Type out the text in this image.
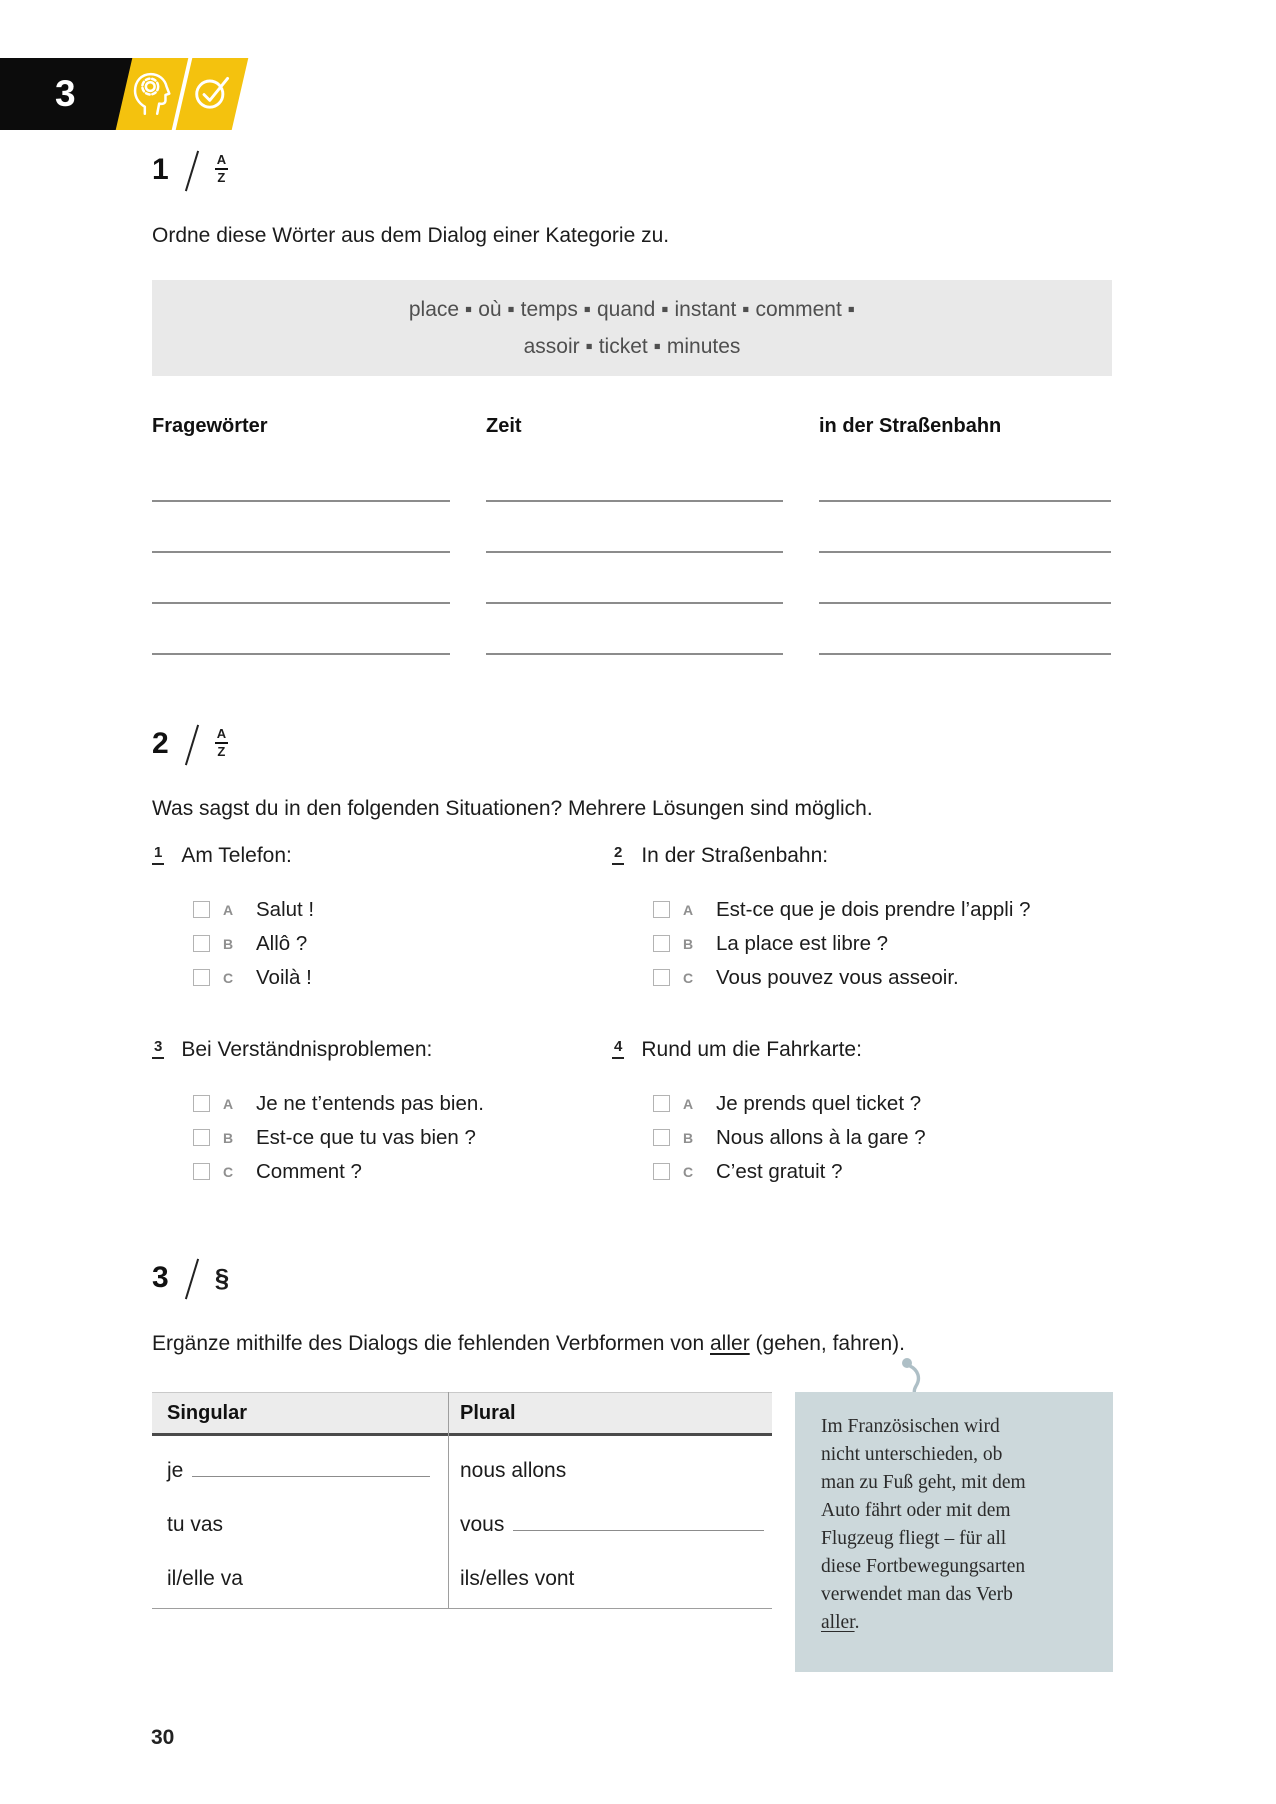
3
1	A
Z
Ordne diese Wörter aus dem Dialog einer Kategorie zu.
place ▪ où ▪ temps ▪ quand ▪ instant ▪ comment ▪
assoir ▪ ticket ▪ minutes
Fragewörter	Zeit	in der Straßenbahn
2	A
Z
Was sagst du in den folgenden Situationen? Mehrere Lösungen sind möglich.
1 Am Telefon:
A	Salut !
B	Allô ?
C	Voilà !
2 In der Straßenbahn:
A	Est-ce que je dois prendre l’appli ?
B	La place est libre ?
C	Vous pouvez vous asseoir.
3 Bei Verständnisproblemen:
A	Je ne t’entends pas bien.
B	Est-ce que tu vas bien ?
C	Comment ?
4 Rund um die Fahrkarte:
A	Je prends quel ticket ?
B	Nous allons à la gare ?
C	C’est gratuit ?
3 §
Ergänze mithilfe des Dialogs die fehlenden Verbformen von aller (gehen, fahren).
Singular	Plural
je	nous allons
tu vas	vous
il/elle va	ils/elles vont
Im Französischen wird
nicht unterschieden, ob
man zu Fuß geht, mit dem
Auto fährt oder mit dem
Flugzeug fliegt – für all
diese Fortbewegungsarten
verwendet man das Verb
aller.
30
